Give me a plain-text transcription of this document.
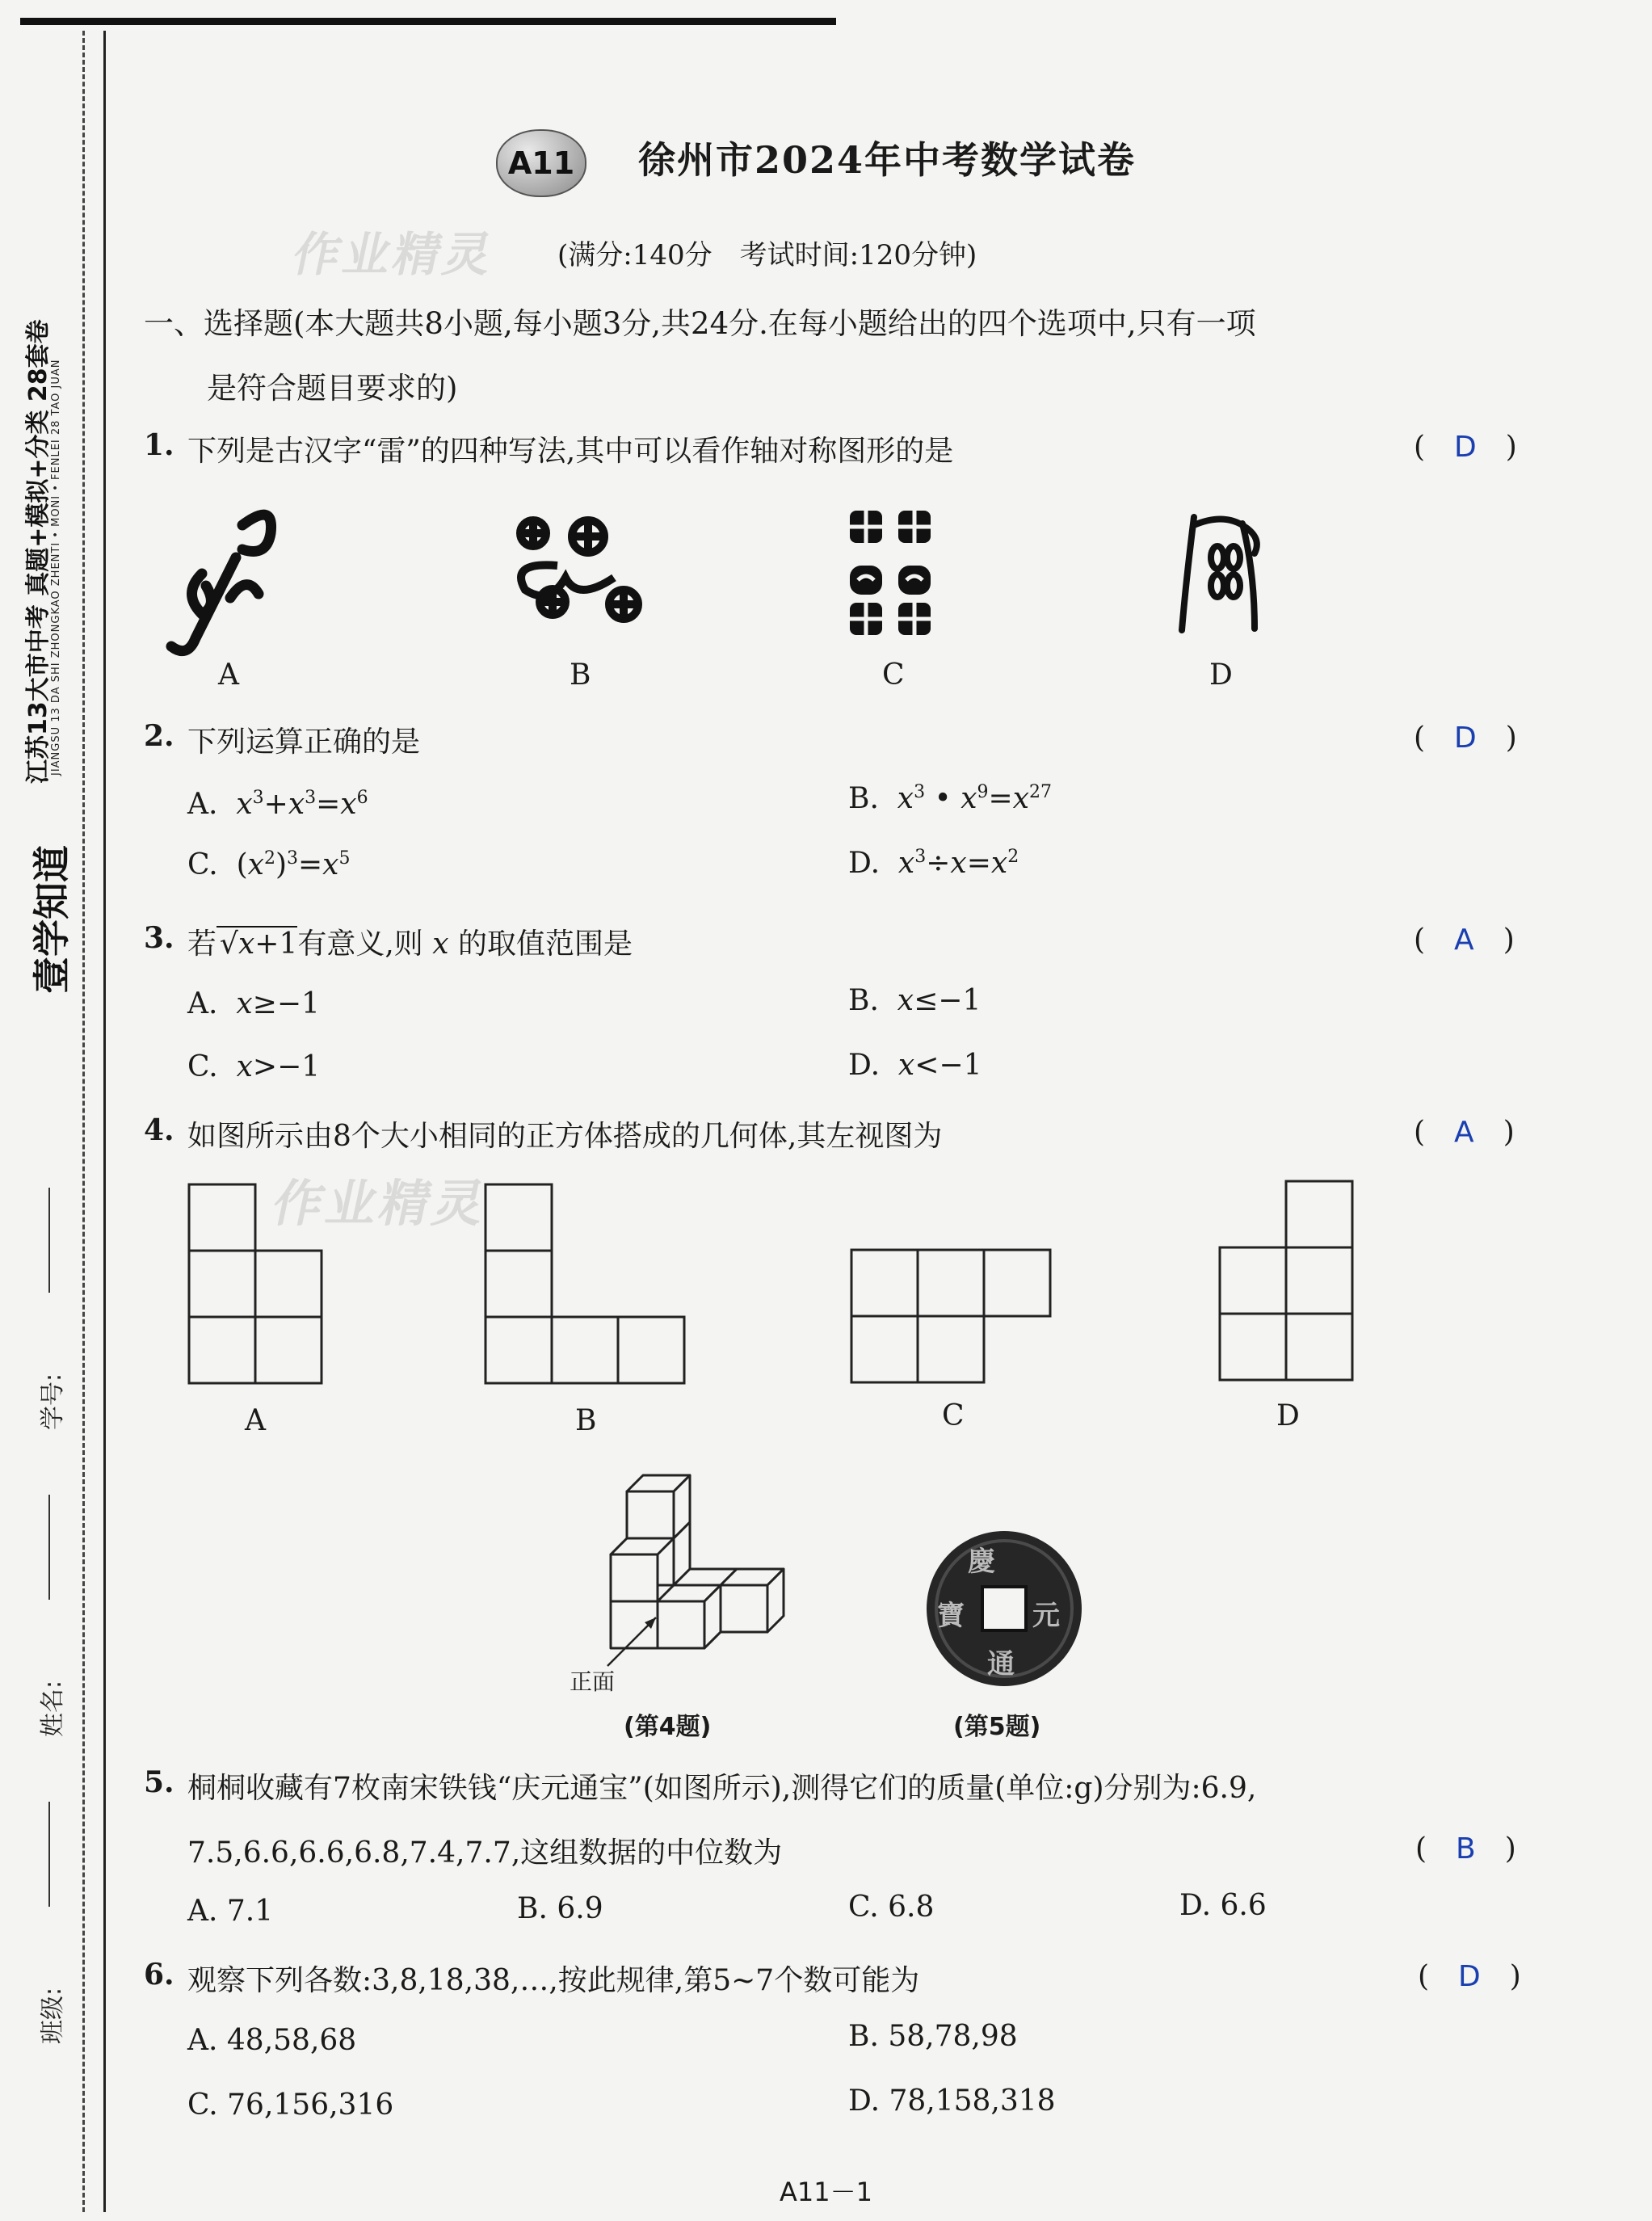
壹学知道
江苏13大市中考 真题+模拟+分类 28套卷
JIANGSU 13 DA SHI ZHONGKAO ZHENTI • MONI • FENLEI 28 TAO JUAN
学号:
姓名:
班级:
A11	徐州市2024年中考数学试卷
(满分:140分　考试时间:120分钟)
作业精灵
作业精灵
一、选择题(本大题共8小题,每小题3分,共24分.在每小题给出的四个选项中,只有一项
是符合题目要求的)
1. 下列是古汉字“雷”的四种写法,其中可以看作轴对称图形的是	(　D　)
A	B	C	D
2. 下列运算正确的是	(　D　)
A.  $x^3+x^3=x^6$	B.  $x^3$ • $x^9=x^{27}$
C.  $(x^2)^3=x^5$	D.  $x^3\div x=x^2$
3. 若 √x+1有意义,则 x 的取值范围是	(　A　)
A. x≥−1	B. x≤−1
C. x>−1	D. x<−1
4. 如图所示由8个大小相同的正方体搭成的几何体,其左视图为	(　A　)
A	B	C	D
正面
慶
元
通
寶
(第4题)	(第5题)
5. 桐桐收藏有7枚南宋铁钱“庆元通宝”(如图所示),测得它们的质量(单位:g)分别为:6.9,
7.5,6.6,6.6,6.8,7.4,7.7,这组数据的中位数为	(　B　)
A. 7.1	B. 6.9	C. 6.8	D. 6.6
6. 观察下列各数:3,8,18,38,…,按此规律,第5~7个数可能为	(　D　)
A. 48,58,68	B. 58,78,98
C. 76,156,316	D. 78,158,318
A11－1
